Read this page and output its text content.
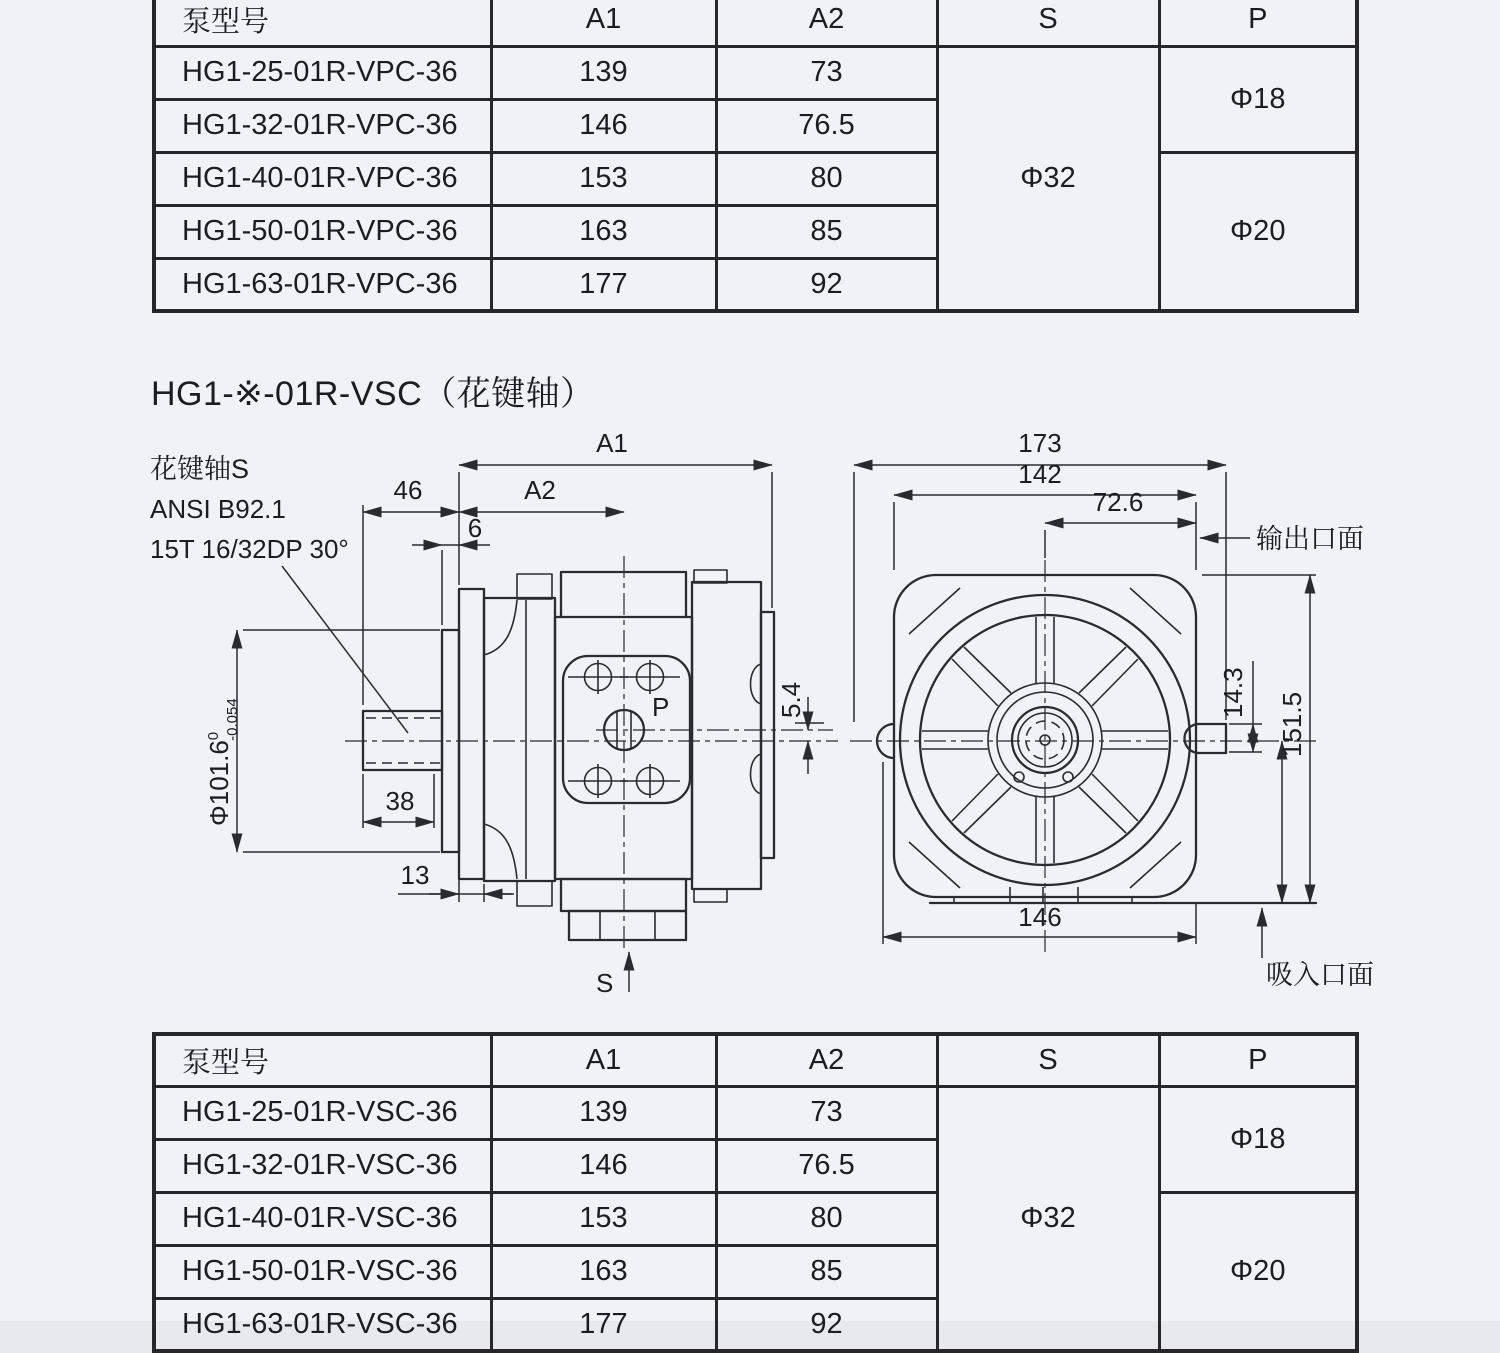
泵型号	A1	A2	S	P
HG1-25-01R-VPC-36	139	73	Φ32	Φ18
HG1-32-01R-VPC-36	146	76.5		
HG1-40-01R-VPC-36	153	80		Φ20
HG1-50-01R-VPC-36	163	85		
HG1-63-01R-VPC-36	177	92		
HG1-※-01R-VSC（花键轴）
花键轴S
ANSI B92.1
15T 16/32DP 30°
P
S
A1
46	A2
6
Φ101.6$^0$ -0.054
38
13
5.4
173
142
72.6
输出口面
14.3 151.5
146
吸入口面
泵型号	A1	A2	S	P
HG1-25-01R-VSC-36	139	73	Φ32	Φ18
HG1-32-01R-VSC-36	146	76.5		
HG1-40-01R-VSC-36	153	80		Φ20
HG1-50-01R-VSC-36	163	85		
HG1-63-01R-VSC-36	177	92		
